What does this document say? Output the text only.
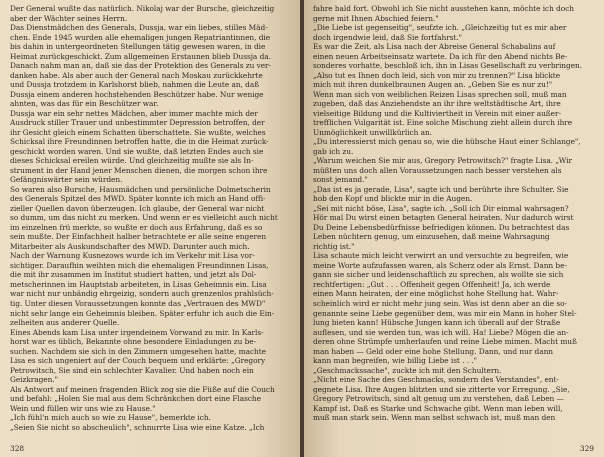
Der General wußte das natürlich. Nikolaj war der Bursche, gleichzeitig
aber der Wächter seines Herrn.
Das Dienstmädchen des Generals, Dussja, war ein liebes, stilles Mäd-
chen. Ende 1945 wurden alle ehemaligen jungen Repatriantinnen, die
bis dahin in untergeordneten Stellungen tätig gewesen waren, in die
Heimat zurückgeschickt. Zum allgemeinen Erstaunen blieb Dussja da.
Danach nahm man an, daß sie das der Protektion des Generals zu ver-
danken habe. Als aber auch der General nach Moskau zurückkehrte
und Dussja trotzdem in Karlshorst blieb, nahmen die Leute an, daß
Dussja einem anderen hochstehenden Beschützer habe. Nur wenige
ahnten, was das für ein Beschützer war.
Dussja war ein sehr nettes Mädchen, aber immer machte mich der
Ausdruck stiller Trauer und unbestimmter Depression betroffen, der
ihr Gesicht gleich einem Schatten überschattete. Sie wußte, welches
Schicksal ihre Freundinnen betroffen hatte, die in die Heimat zurück-
geschickt worden waren. Und sie wußte, daß letzten Endes auch sie
dieses Schicksal ereilen würde. Und gleichzeitig mußte sie als In-
strument in der Hand jener Menschen dienen, die morgen schon ihre
Gefängniswärter sein würden.
So waren also Bursche, Hausmädchen und persönliche Dolmetscherin
des Generals Spitzel des MWD. Später konnte ich mich an Hand offi-
zieller Quellen davon überzeugen. Ich glaube, der General war nicht
so dumm, um das nicht zu merken. Und wenn er es vielleicht auch nicht
im einzelnen frü merkte, so wußte er doch aus Erfahrung, daß es so
sein mußte. Der Einfachheit halber betrachtete er alle seine engeren
Mitarbeiter als Auskundschafter des MWD. Darunter auch mich.
Nach der Warnung Kusnezows wurde ich im Verkehr mit Lisa vor-
sichtiger. Daraufhin weihten mich die ehemaligen Freundinnen Lisas,
die mit ihr zusammen im Institut studiert hatten, und jetzt als Dol-
metscherinnen im Hauptstab arbeiteten, in Lisas Geheimnis ein. Lisa
war nicht nur unbändig ehrgeizig, sondern auch grenzenlos prahlsüch-
tig. Unter diesen Voraussetzungen konnte das „Vertrauen des MWD"
nicht sehr lange ein Geheimnis bleiben. Später erfuhr ich auch die Ein-
zelheiten aus anderer Quelle.
Eines Abends kam Lisa unter irgendeinem Vorwand zu mir. In Karls-
horst war es üblich, Bekannte ohne besondere Einladungen zu be-
suchen. Nachdem sie sich in den Zimmern umgesehen hatte, machte
Lisa es sich ungeniert auf der Couch bequem und erklärte: „Gregory
Petrowitsch, Sie sind ein schlechter Kavalier. Und haben noch ein
Geizkragen."
Als Antwort auf meinen fragenden Blick zog sie die Füße auf die Couch
und befahl: „Holen Sie mal aus dem Schränkchen dort eine Flasche
Wein und füllen wir uns wie zu Hause."
„Ich fühl'n mich auch so wie zu Hause", bemerkte ich.
„Seien Sie nicht so abscheulich", schnurrte Lisa wie eine Katze. „Ich
328
fahre bald fort. Obwohl ich Sie nicht ausstehen kann, möchte ich doch
gerne mit Ihnen Abschied feiern."
„Die Liebe ist gegenseitig", seufzte ich. „Gleichzeitig tut es mir aber
doch irgendwie leid, daß Sie fortfahrst."
Es war die Zeit, als Lisa nach der Abreise General Schabalins auf
einen neuen Arbeitseinsatz wartete. Da ich für den Abend nichts Be-
sonderes vorhatte, beschloß ich, ihn in Lisas Gesellschaft zu verbringen.
„Also tut es Ihnen doch leid, sich von mir zu trennen?" Lisa blickte
mich mit ihren dunkelbraunen Augen an. „Geben Sie es nur zu!"
Wenn man sich von weiblichen Reizen Lisas sprechen soll, muß man
zugeben, daß das Anziehendste an ihr ihre weltstädtische Art, ihre
vielseitige Bildung und die Kultiviertheit in Verein mit einer außer-
trefflichen Vulgarität ist. Eine solche Mischung zieht allein durch ihre
Unmöglichkeit unwillkürlich an.
„Du interessierst mich genau so, wie die hübsche Haut einer Schlange",
gab ich zu.
„Warum weichen Sie mir aus, Gregory Petrowitsch?" fragte Lisa. „Wir
müßten uns doch allen Voraussetzungen nach besser verstehen als
sonst jemand."
„Das ist es ja gerade, Lisa", sagte ich und berührte ihre Schulter. Sie
hob den Kopf und blickte mir in die Augen.
„Sei mit nicht böse, Lisa", sagte ich. „Soll ich Dir einmal wahrsagen?
Hör mal Du wirst einen betagten General heiraten. Nur dadurch wirst
Du Deine Lebensbedürfnisse befriedigen können. Du betrachtest das
Leben nüchtern genug, um einzusehen, daß meine Wahrsagung
richtig ist."
Lisa schaute mich leicht verwirrt an und versuchte zu begreifen, wie
meine Worte aufzufassen waren, als Scherz oder als Ernst. Dann be-
gann sie sicher und leidenschaftlich zu sprechen, als wollte sie sich
rechtfertigen: „Gut . . . Offenheit gegen Offenheit! Ja, ich werde
einen Mann heiraten, der eine möglichst hohe Stellung hat. Wahr-
scheinlich wird er nicht mehr jung sein. Was ist denn aber an die so-
genannte seine Liebe gegenüber dem, was mir ein Mann in hoher Stel-
lung bieten kann! Hübsche Jungen kann ich überall auf der Straße
auflesen, und sie werden tun, was ich will. Ha! Liebe? Mögen die an-
deren ohne Strümpfe umherlaufen und reine Liebe mimen. Macht muß
man haben — Geld oder eine hohe Stellung. Dann, und nur dann
kann man begreifen, wie billig Liebe ist . . ."
„Geschmackssache", zuckte ich mit den Schultern.
„Nicht eine Sache des Geschmacks, sondern des Verstandes", ent-
gegnete Lisa. Ihre Augen blitzten und sie zitterte vor Erregung. „Sie,
Gregory Petrowitsch, sind alt genug um zu verstehen, daß Leben —
Kampf ist. Daß es Starke und Schwache gibt. Wenn man leben will,
muß man stark sein. Wenn man selbst schwach ist, muß man den
329
